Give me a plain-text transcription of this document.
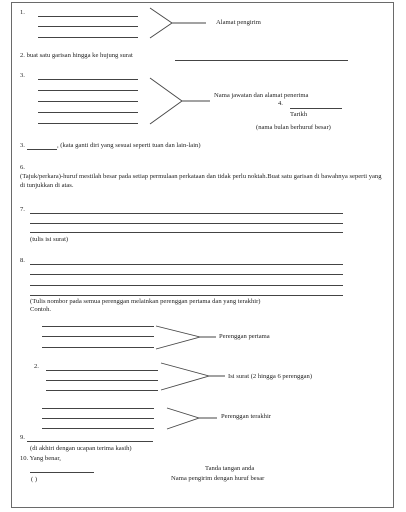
1.
Alamat pengirim
2. buat satu garisan hingga ke hujung surat
3.
Nama jawatan dan alamat penerima
4.
Tarikh
(nama bulan berhuruf besar)
3.	, (kata ganti diri yang sesuai seperti tuan dan lain-lain)
6.
(Tajuk/perkara)-huruf mestilah besar pada setiap permulaan perkataan dan tidak perlu noktah.Buat satu garisan di bawahnya seperti yang di tunjukkan di atas.
7.
(tulis isi surat)
8.
(Tulis nombor pada semua perenggan melainkan perenggan pertama dan yang terakhir)
Contoh.
Perenggan pertama
2.
Isi surat (2 hingga 6 perenggan)
Perenggan terakhir
9.
(di akhiri dengan ucapan terima kasih)
10. Yang benar,
( )
Tanda tangan anda
Nama pengirim dengan huruf besar
